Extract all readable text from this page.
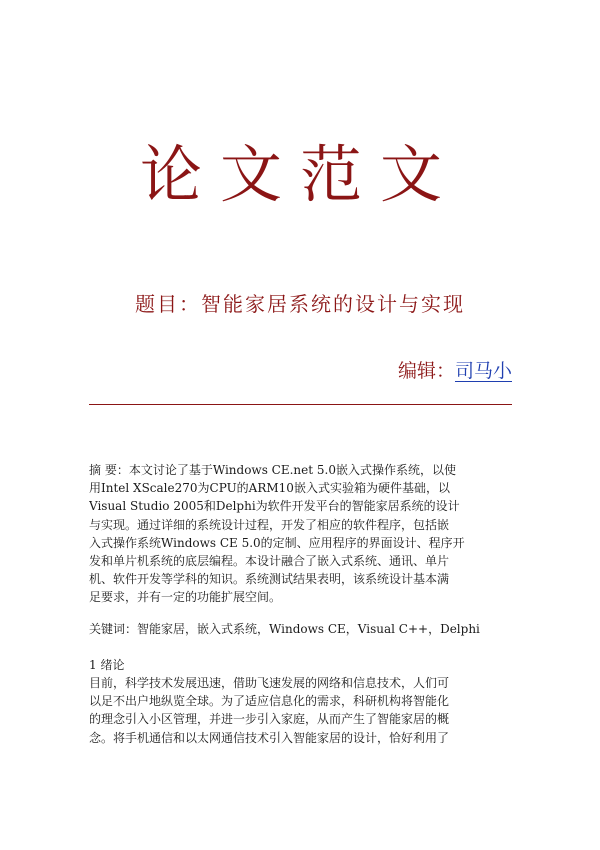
论文范文
题目：智能家居系统的设计与实现
编辑：司马小
摘 要：本文讨论了基于Windows CE.net 5.0嵌入式操作系统，以使
用Intel XScale270为CPU的ARM10嵌入式实验箱为硬件基础，以
Visual Studio 2005和Delphi为软件开发平台的智能家居系统的设计
与实现。通过详细的系统设计过程，开发了相应的软件程序，包括嵌
入式操作系统Windows CE 5.0的定制、应用程序的界面设计、程序开
发和单片机系统的底层编程。本设计融合了嵌入式系统、通讯、单片
机、软件开发等学科的知识。系统测试结果表明，该系统设计基本满
足要求，并有一定的功能扩展空间。
关键词：智能家居，嵌入式系统，Windows CE，Visual C++，Delphi
1 绪论
目前，科学技术发展迅速，借助飞速发展的网络和信息技术，人们可
以足不出户地纵览全球。为了适应信息化的需求，科研机构将智能化
的理念引入小区管理，并进一步引入家庭，从而产生了智能家居的概
念。将手机通信和以太网通信技术引入智能家居的设计，恰好利用了
